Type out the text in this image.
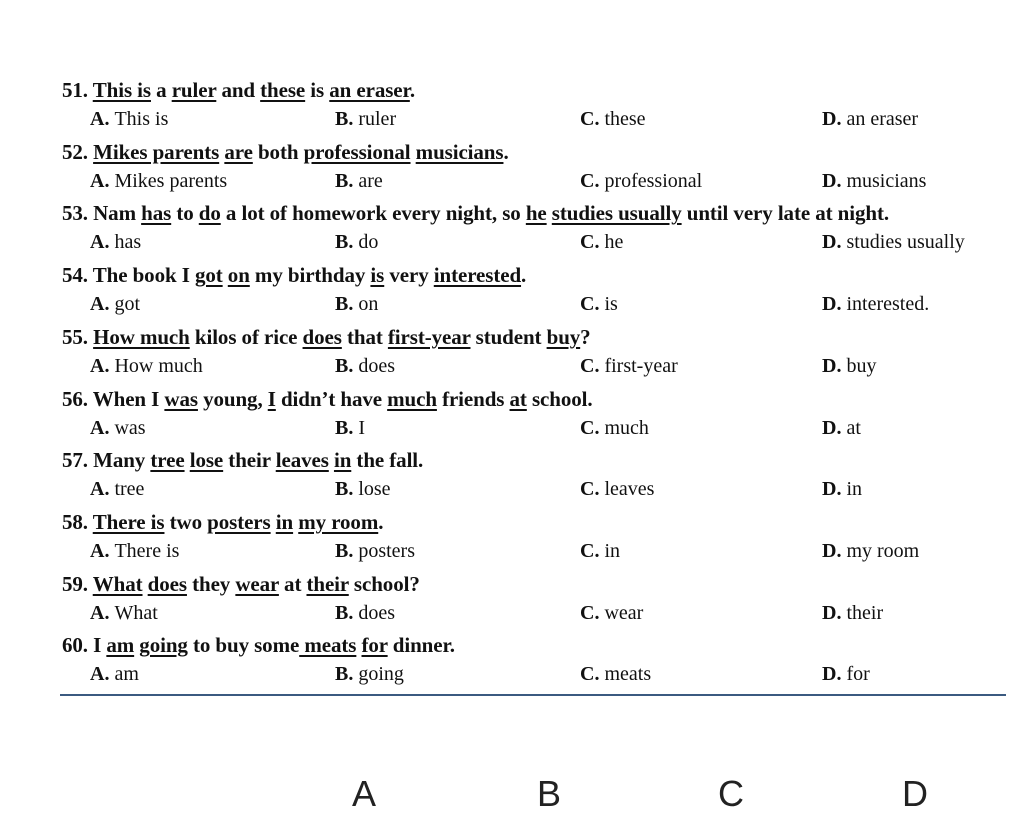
51. This is a ruler and these is an eraser.
A. This is	B. ruler	C. these	D. an eraser
52. Mikes parents are both professional musicians.
A. Mikes parents	B. are	C. professional	D. musicians
53. Nam has to do a lot of homework every night, so he studies usually until very late at night.
A. has	B. do	C. he	D. studies usually
54. The book I got on my birthday is very interested.
A. got	B. on	C. is	D. interested.
55. How much kilos of rice does that first-year student buy?
A. How much	B. does	C. first-year	D. buy
56. When I was young, I didn’t have much friends at school.
A. was	B. I	C. much	D. at
57. Many tree lose their leaves in the fall.
A. tree	B. lose	C. leaves	D. in
58. There is two posters in my room.
A. There is	B. posters	C. in	D. my room
59. What does they wear at their school?
A. What	B. does	C. wear	D. their
60. I am going to buy some meats for dinner.
A. am	B. going	C. meats	D. for
A	B	C	D
